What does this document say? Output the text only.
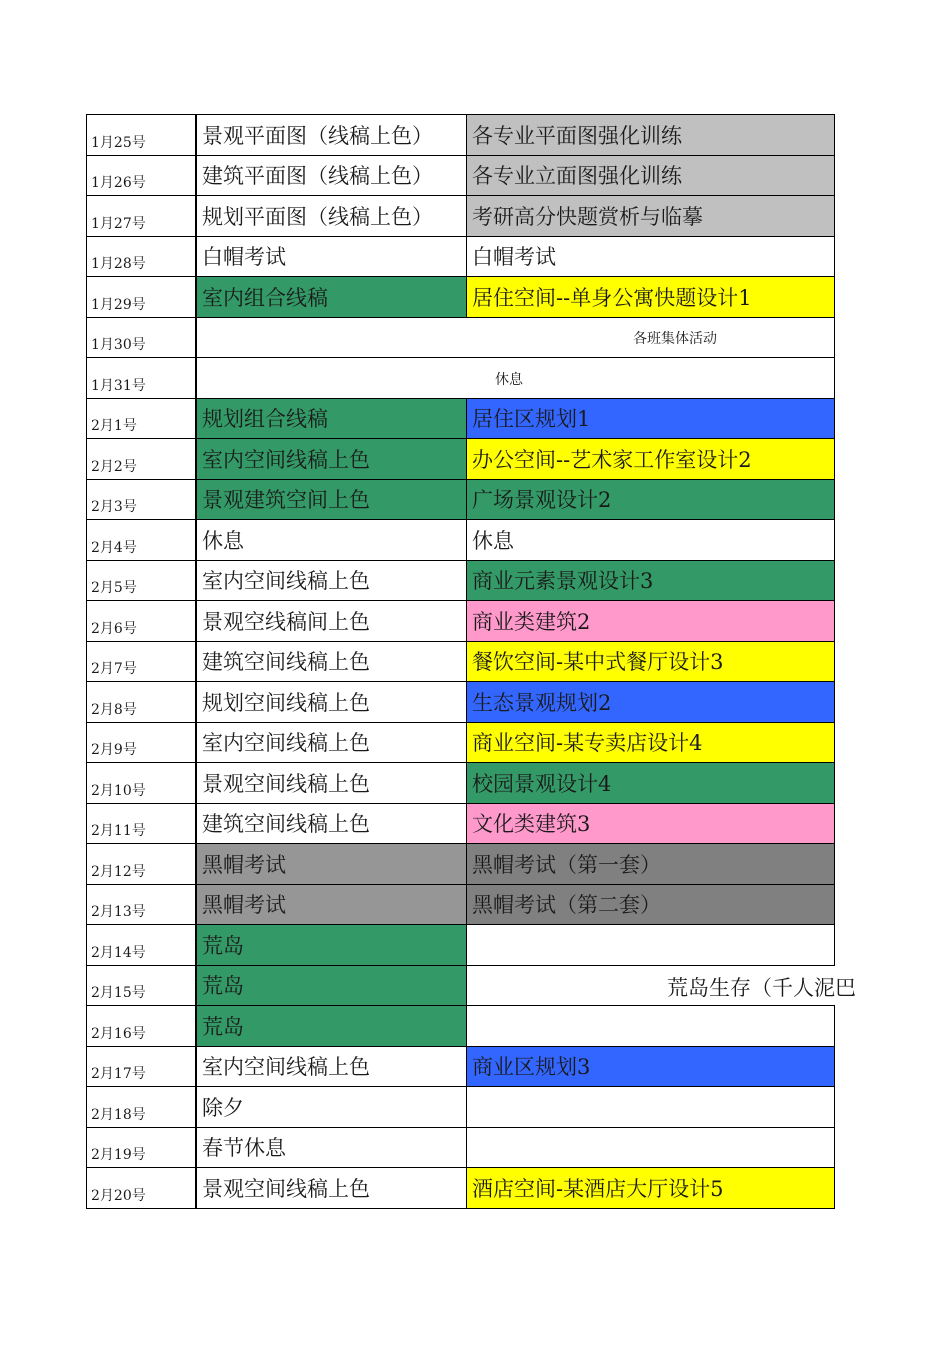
1月25号	景观平面图（线稿上色）	各专业平面图强化训练

1月26号	建筑平面图（线稿上色）	各专业立面图强化训练

1月27号	规划平面图（线稿上色）	考研高分快题赏析与临摹

1月28号	白帽考试	白帽考试

1月29号	室内组合线稿	居住空间--单身公寓快题设计1

1月30号	各班集体活动	

1月31号	休息	

2月1号	规划组合线稿	居住区规划1

2月2号	室内空间线稿上色	办公空间--艺术家工作室设计2

2月3号	景观建筑空间上色	广场景观设计2

2月4号	休息	休息

2月5号	室内空间线稿上色	商业元素景观设计3

2月6号	景观空线稿间上色	商业类建筑2

2月7号	建筑空间线稿上色	餐饮空间-某中式餐厅设计3

2月8号	规划空间线稿上色	生态景观规划2

2月9号	室内空间线稿上色	商业空间-某专卖店设计4

2月10号	景观空间线稿上色	校园景观设计4

2月11号	建筑空间线稿上色	文化类建筑3

2月12号	黑帽考试	黑帽考试（第一套）

2月13号	黑帽考试	黑帽考试（第二套）

2月14号	荒岛	

2月15号	荒岛	荒岛生存（千人泥巴

2月16号	荒岛	

2月17号	室内空间线稿上色	商业区规划3

2月18号	除夕	

2月19号	春节休息	

2月20号	景观空间线稿上色	酒店空间-某酒店大厅设计5
